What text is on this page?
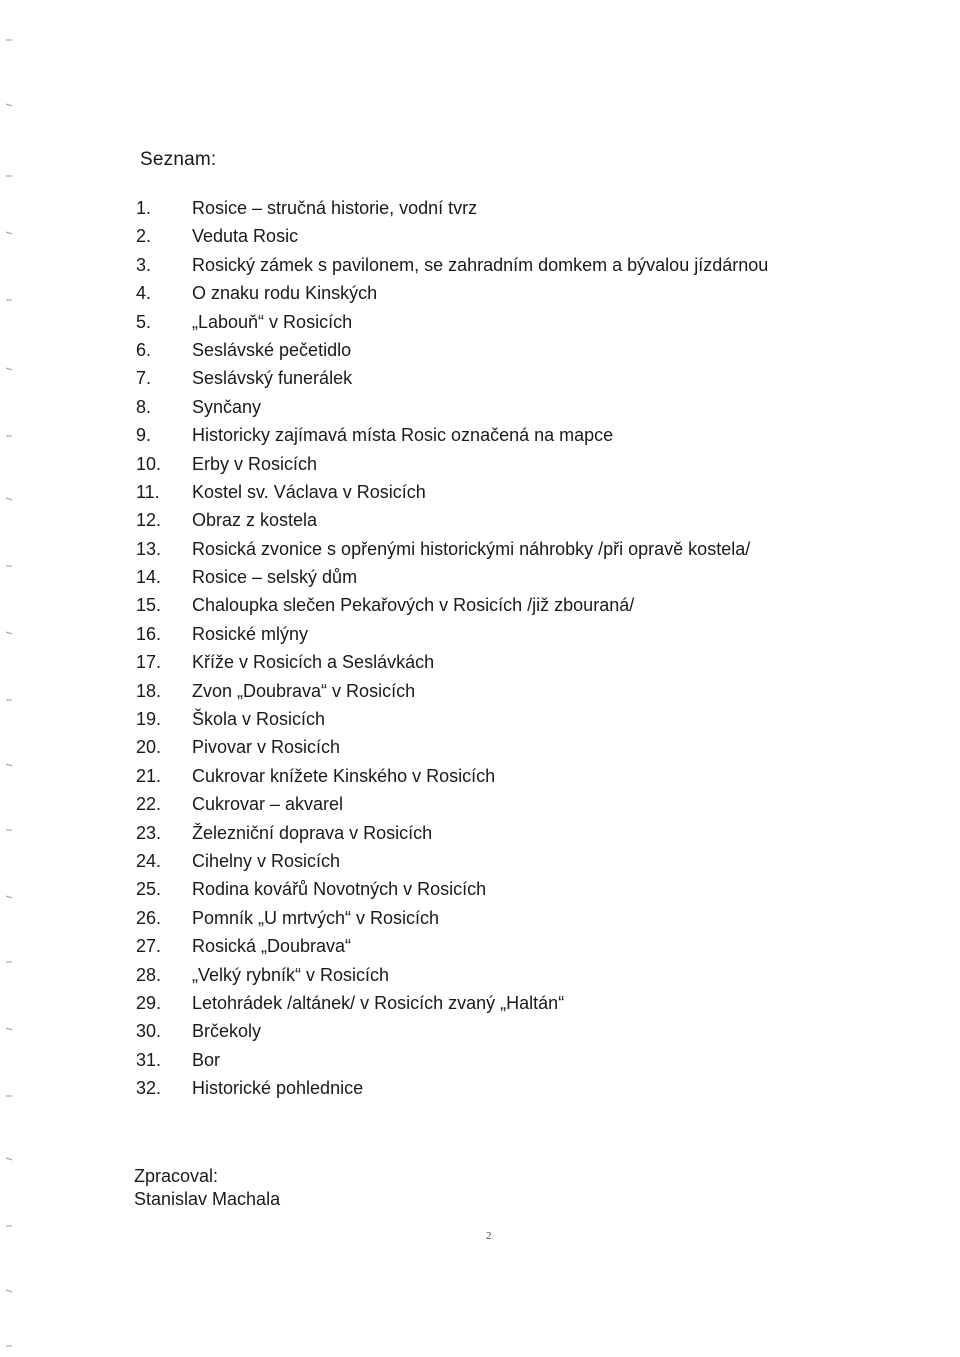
Seznam:
1.	Rosice – stručná historie, vodní tvrz
2.	Veduta Rosic
3.	Rosický zámek s pavilonem, se zahradním domkem a bývalou jízdárnou
4.	O znaku rodu Kinských
5.	„Labouň“ v Rosicích
6.	Seslávské pečetidlo
7.	Seslávský funerálek
8.	Synčany
9.	Historicky zajímavá místa Rosic označená na mapce
10.	Erby v Rosicích
11.	Kostel sv. Václava v Rosicích
12.	Obraz z kostela
13.	Rosická zvonice s opřenými historickými náhrobky /při opravě kostela/
14.	Rosice – selský dům
15.	Chaloupka slečen Pekařových v Rosicích /již zbouraná/
16.	Rosické mlýny
17.	Kříže v Rosicích a Seslávkách
18.	Zvon „Doubrava“ v Rosicích
19.	Škola v Rosicích
20.	Pivovar v Rosicích
21.	Cukrovar knížete Kinského v Rosicích
22.	Cukrovar – akvarel
23.	Železniční doprava v Rosicích
24.	Cihelny v Rosicích
25.	Rodina kovářů Novotných v Rosicích
26.	Pomník „U mrtvých“ v Rosicích
27.	Rosická „Doubrava“
28.	„Velký rybník“ v Rosicích
29.	Letohrádek /altánek/ v Rosicích zvaný „Haltán“
30.	Brčekoly
31.	Bor
32.	Historické pohlednice
Zpracoval:
Stanislav Machala
2
